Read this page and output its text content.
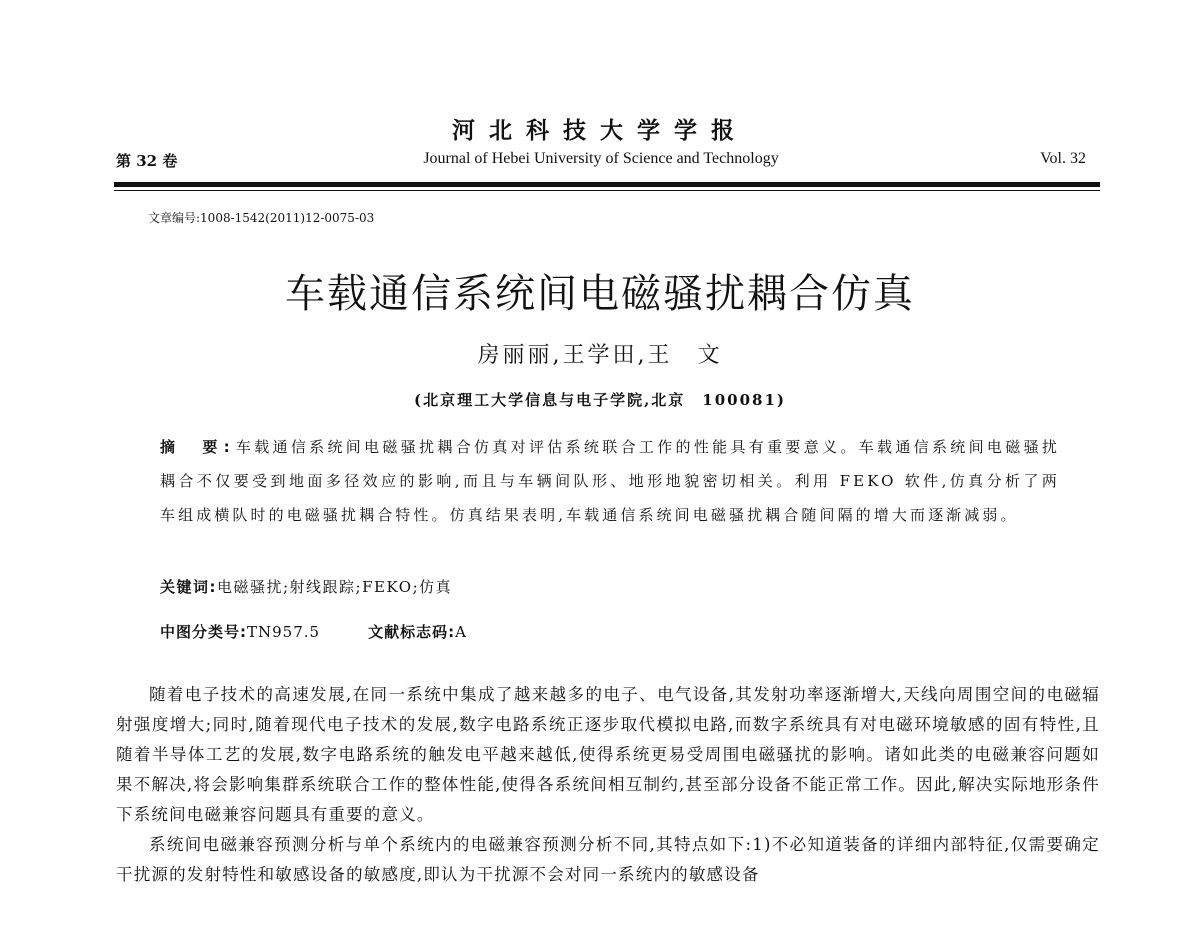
河北科技大学学报
第 32 卷	Journal of Hebei University of Science and Technology	Vol. 32
文章编号:1008-1542(2011)12-0075-03
车载通信系统间电磁骚扰耦合仿真
房丽丽,王学田,王　文
(北京理工大学信息与电子学院,北京　100081)
摘　要:车载通信系统间电磁骚扰耦合仿真对评估系统联合工作的性能具有重要意义。车载通信系统间电磁骚扰耦合不仅要受到地面多径效应的影响,而且与车辆间队形、地形地貌密切相关。利用 FEKO 软件,仿真分析了两车组成横队时的电磁骚扰耦合特性。仿真结果表明,车载通信系统间电磁骚扰耦合随间隔的增大而逐渐减弱。
关键词:电磁骚扰;射线跟踪;FEKO;仿真
中图分类号:TN957.5	文献标志码:A

随着电子技术的高速发展,在同一系统中集成了越来越多的电子、电气设备,其发射功率逐渐增大,天线向周围空间的电磁辐射强度增大;同时,随着现代电子技术的发展,数字电路系统正逐步取代模拟电路,而数字系统具有对电磁环境敏感的固有特性,且随着半导体工艺的发展,数字电路系统的触发电平越来越低,使得系统更易受周围电磁骚扰的影响。诸如此类的电磁兼容问题如果不解决,将会影响集群系统联合工作的整体性能,使得各系统间相互制约,甚至部分设备不能正常工作。因此,解决实际地形条件下系统间电磁兼容问题具有重要的意义。

系统间电磁兼容预测分析与单个系统内的电磁兼容预测分析不同,其特点如下:1)不必知道装备的详细内部特征,仅需要确定干扰源的发射特性和敏感设备的敏感度,即认为干扰源不会对同一系统内的敏感设备
